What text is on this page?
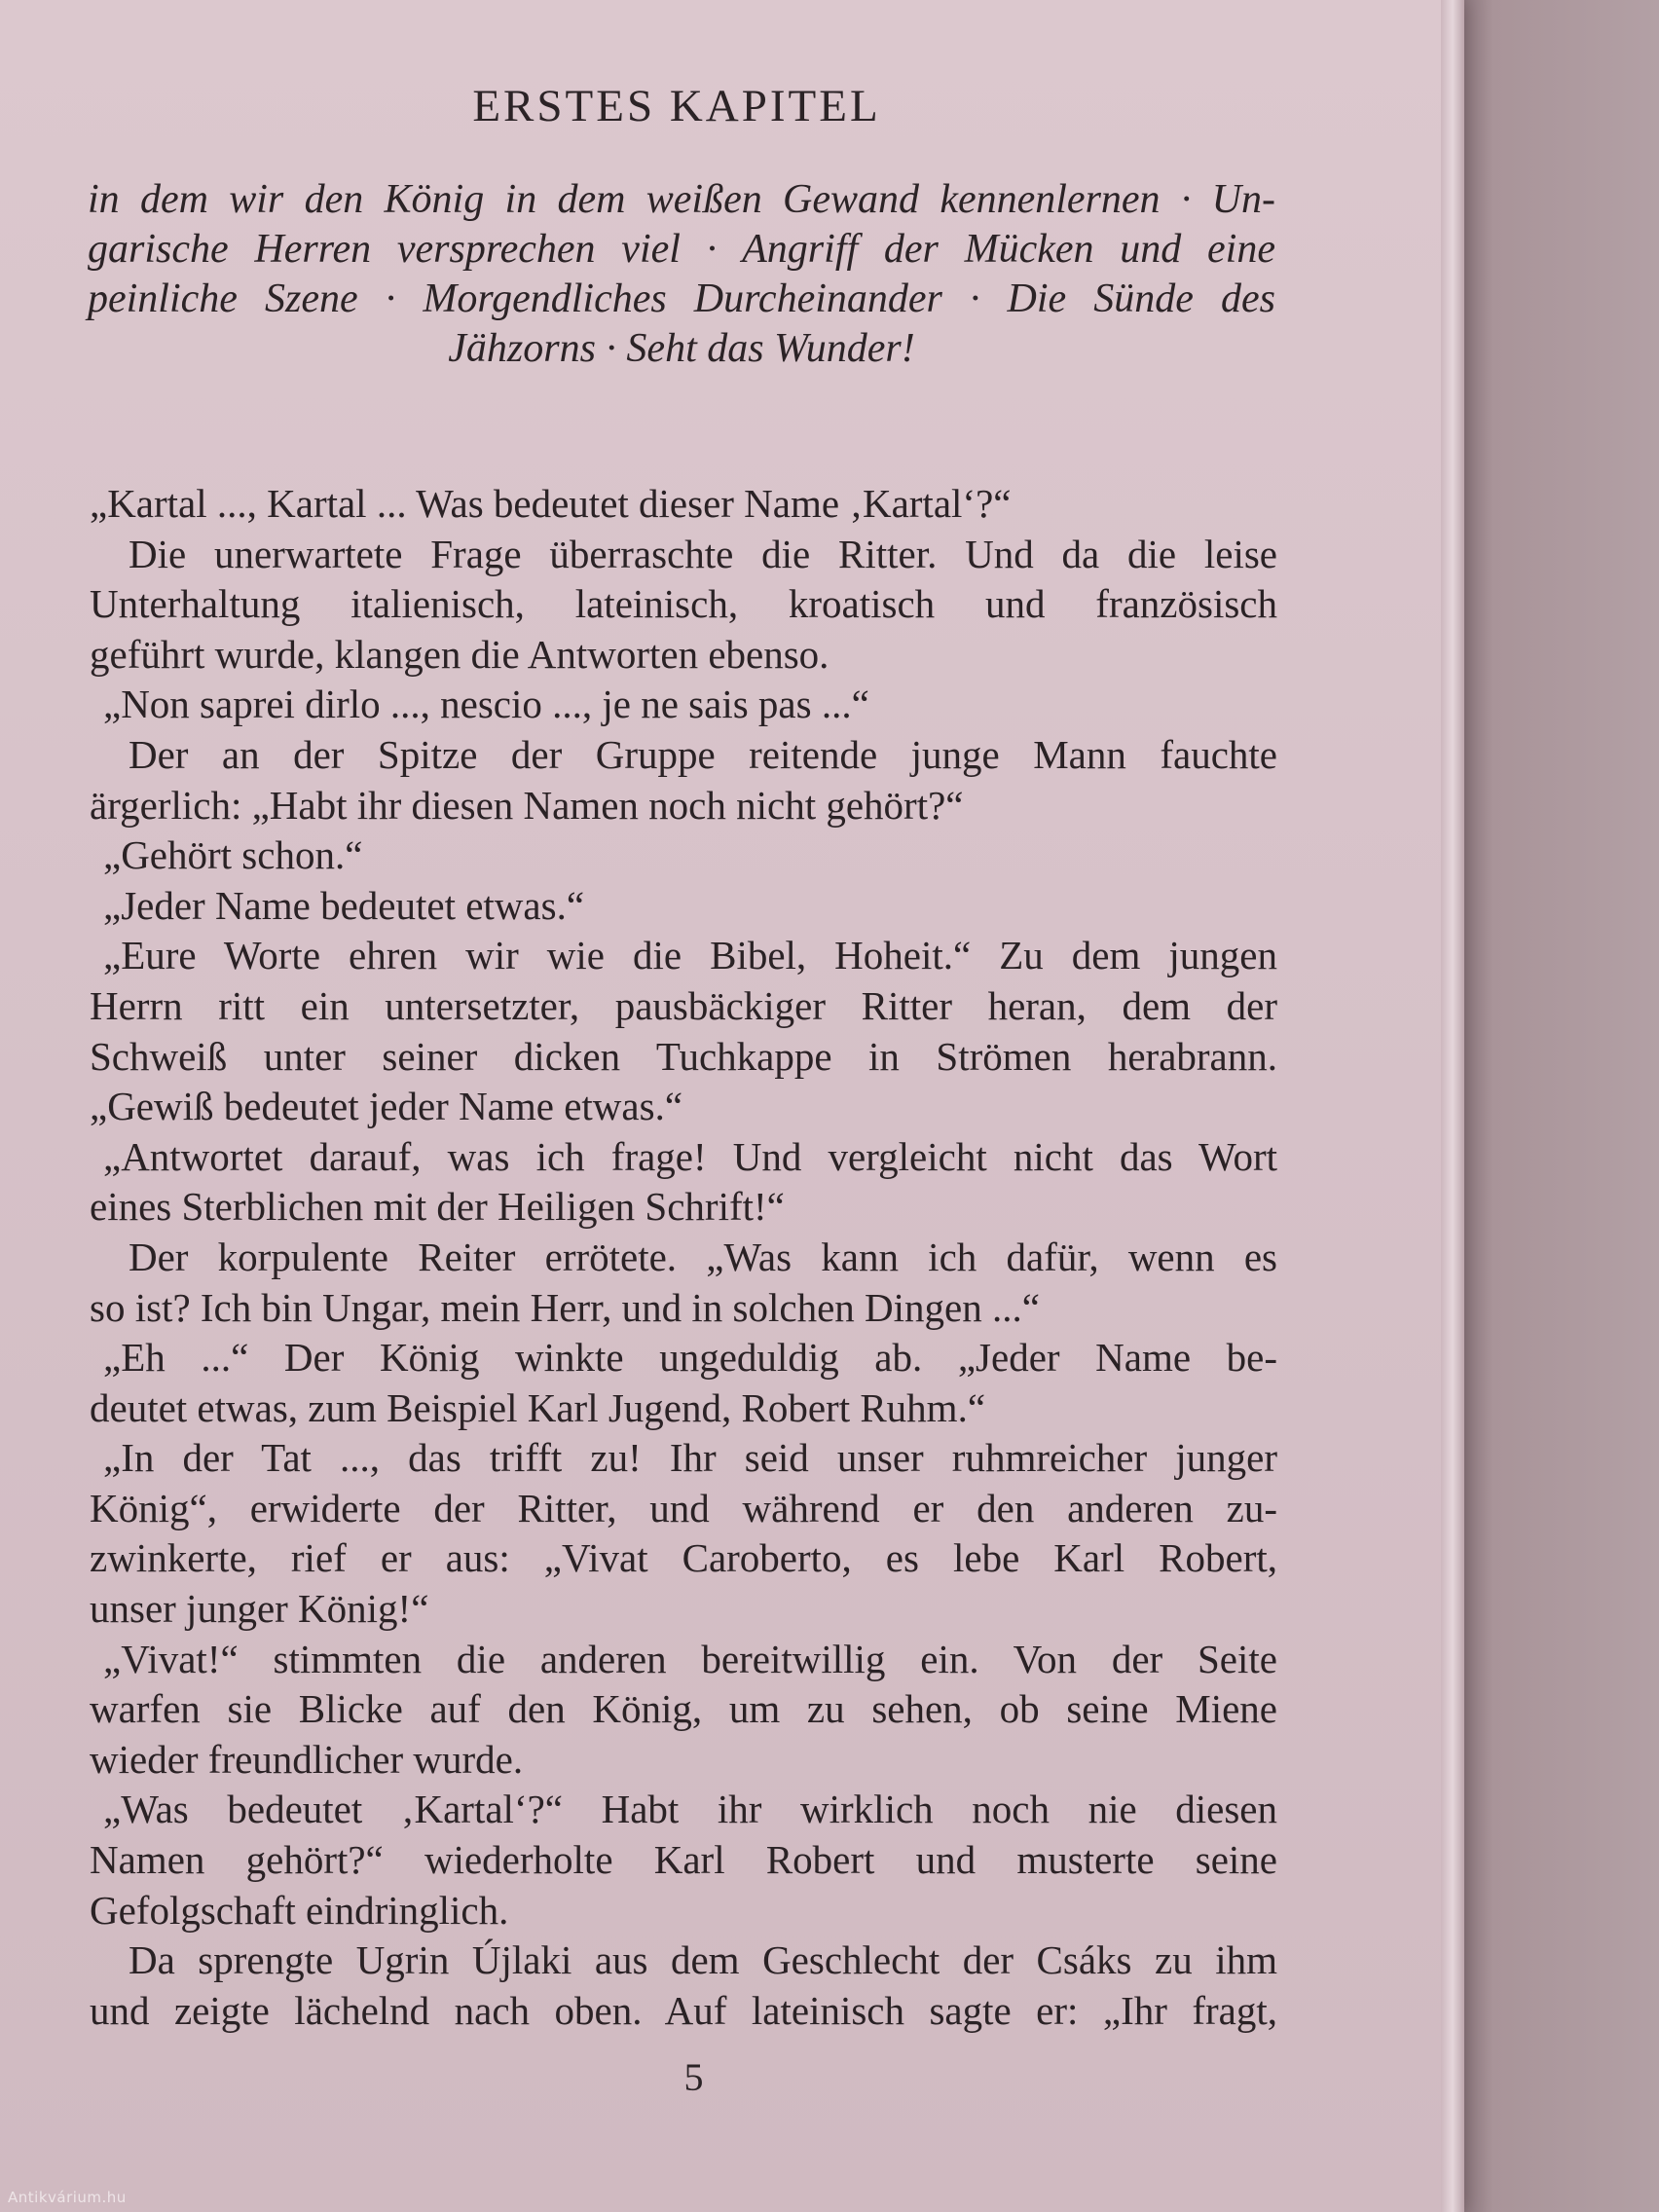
ERSTES KAPITEL
in dem wir den König in dem weißen Gewand kennenlernen · Un-
garische Herren versprechen viel · Angriff der Mücken und eine
peinliche Szene · Morgendliches Durcheinander · Die Sünde des
Jähzorns · Seht das Wunder!
„Kartal ..., Kartal ... Was bedeutet dieser Name ‚Kartal‘?“
Die unerwartete Frage überraschte die Ritter. Und da die leise
Unterhaltung italienisch, lateinisch, kroatisch und französisch
geführt wurde, klangen die Antworten ebenso.
„Non saprei dirlo ..., nescio ..., je ne sais pas ...“
Der an der Spitze der Gruppe reitende junge Mann fauchte
ärgerlich: „Habt ihr diesen Namen noch nicht gehört?“
„Gehört schon.“
„Jeder Name bedeutet etwas.“
„Eure Worte ehren wir wie die Bibel, Hoheit.“ Zu dem jungen
Herrn ritt ein untersetzter, pausbäckiger Ritter heran, dem der
Schweiß unter seiner dicken Tuchkappe in Strömen herabrann.
„Gewiß bedeutet jeder Name etwas.“
„Antwortet darauf, was ich frage! Und vergleicht nicht das Wort
eines Sterblichen mit der Heiligen Schrift!“
Der korpulente Reiter errötete. „Was kann ich dafür, wenn es
so ist? Ich bin Ungar, mein Herr, und in solchen Dingen ...“
„Eh ...“ Der König winkte ungeduldig ab. „Jeder Name be-
deutet etwas, zum Beispiel Karl Jugend, Robert Ruhm.“
„In der Tat ..., das trifft zu! Ihr seid unser ruhmreicher junger
König“, erwiderte der Ritter, und während er den anderen zu-
zwinkerte, rief er aus: „Vivat Caroberto, es lebe Karl Robert,
unser junger König!“
„Vivat!“ stimmten die anderen bereitwillig ein. Von der Seite
warfen sie Blicke auf den König, um zu sehen, ob seine Miene
wieder freundlicher wurde.
„Was bedeutet ‚Kartal‘?“ Habt ihr wirklich noch nie diesen
Namen gehört?“ wiederholte Karl Robert und musterte seine
Gefolgschaft eindringlich.
Da sprengte Ugrin Újlaki aus dem Geschlecht der Csáks zu ihm
und zeigte lächelnd nach oben. Auf lateinisch sagte er: „Ihr fragt,
5
Antikvárium.hu
